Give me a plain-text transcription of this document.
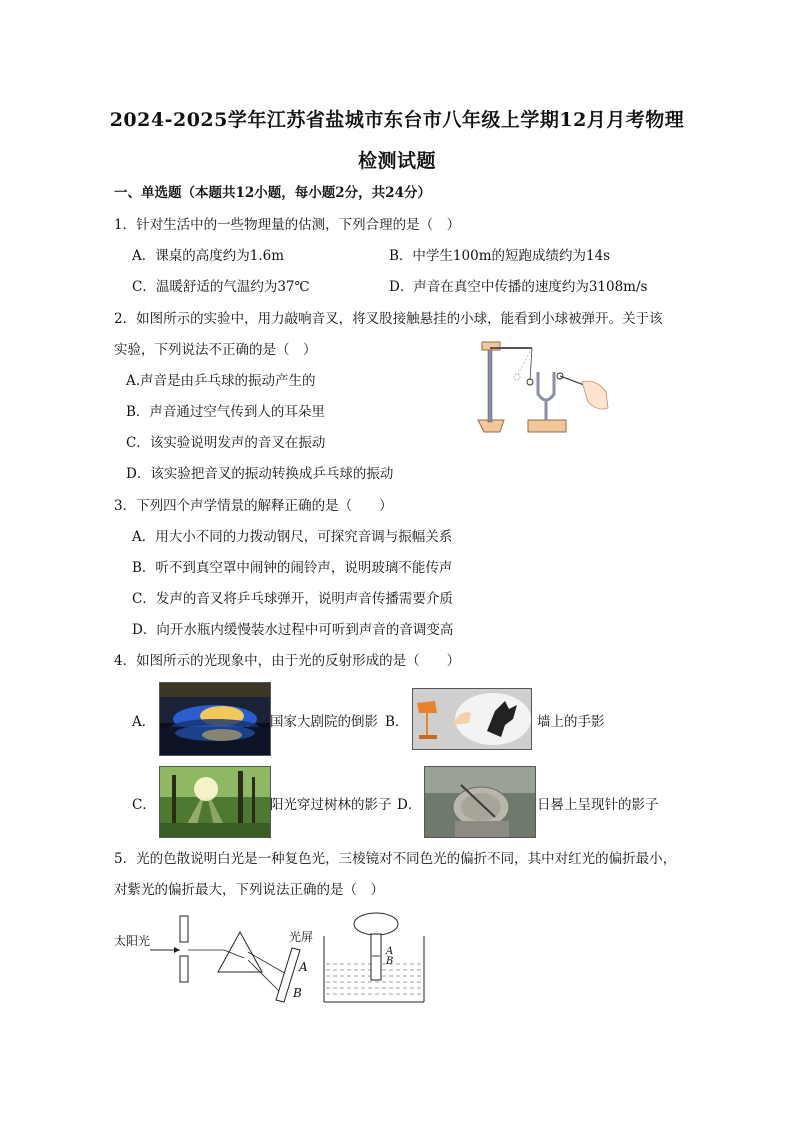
2024-2025学年江苏省盐城市东台市八年级上学期12月月考物理
检测试题
一、单选题（本题共12小题，每小题2分，共24分）
1．针对生活中的一些物理量的估测，下列合理的是（　）
A．课桌的高度约为1.6m	B．中学生100m的短跑成绩约为14s
C．温暖舒适的气温约为37℃	D．声音在真空中传播的速度约为3108m/s
2．如图所示的实验中，用力敲响音叉，将叉股接触悬挂的小球，能看到小球被弹开。关于该
实验，下列说法不正确的是（　）
A.声音是由乒乓球的振动产生的
B．声音通过空气传到人的耳朵里
C．该实验说明发声的音叉在振动
D．该实验把音叉的振动转换成乒乓球的振动
3．下列四个声学情景的解释正确的是（　　）
A．用大小不同的力拨动钢尺，可探究音调与振幅关系
B．听不到真空罩中闹钟的闹铃声，说明玻璃不能传声
C．发声的音叉将乒乓球弹开，说明声音传播需要介质
D．向开水瓶内缓慢装水过程中可听到声音的音调变高
4．如图所示的光现象中，由于光的反射形成的是（　　）
A．	国家大剧院的倒影 B．	墙上的手影
C．	阳光穿过树林的影子 D．	日晷上呈现针的影子
5．光的色散说明白光是一种复色光，三棱镜对不同色光的偏折不同，其中对红光的偏折最小，
对紫光的偏折最大，下列说法正确的是（　）
太阳光	光屏
A
B
A
B
